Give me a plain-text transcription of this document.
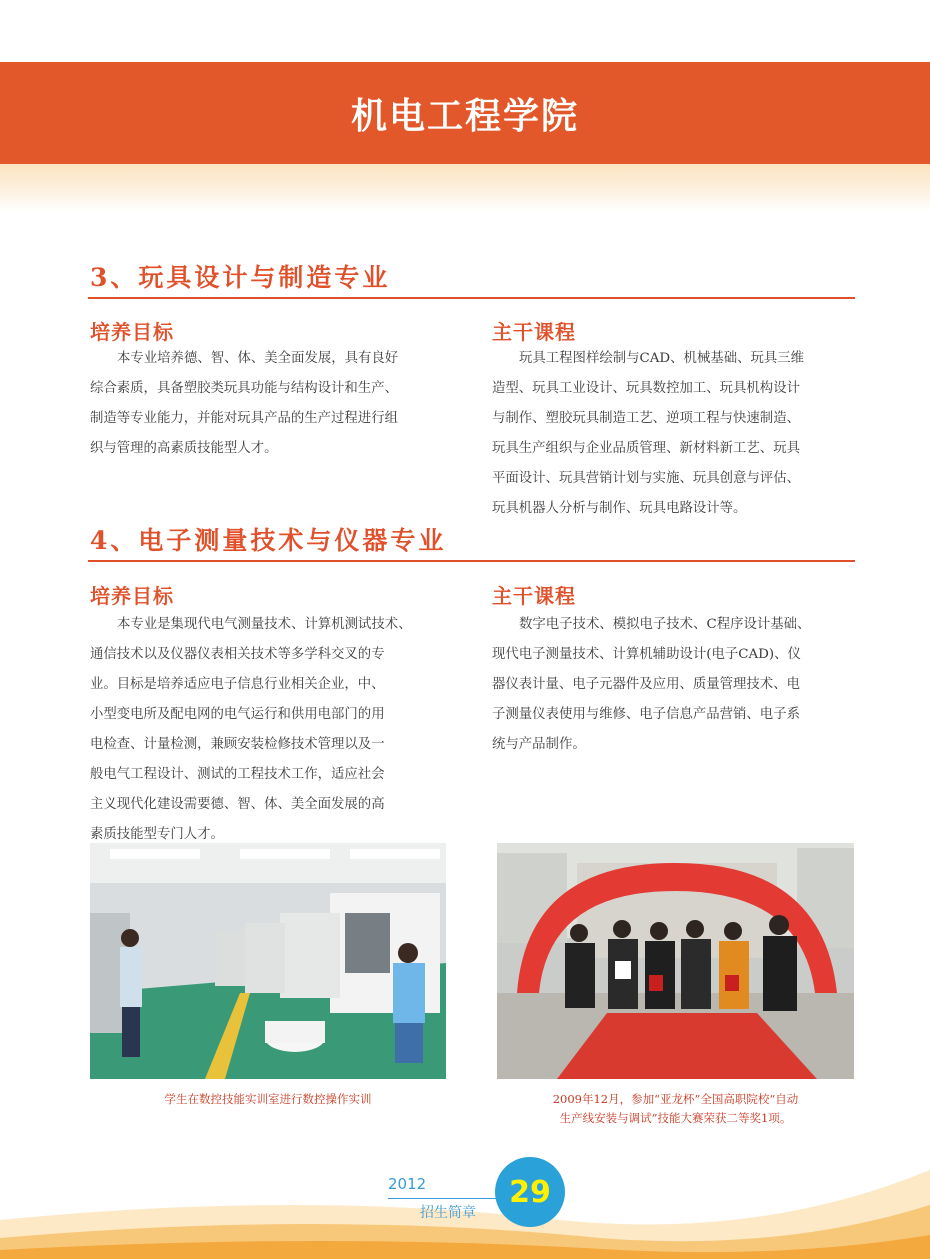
机电工程学院
3、玩具设计与制造专业
培养目标
本专业培养德、智、体、美全面发展，具有良好
综合素质，具备塑胶类玩具功能与结构设计和生产、
制造等专业能力，并能对玩具产品的生产过程进行组
织与管理的高素质技能型人才。
主干课程
玩具工程图样绘制与CAD、机械基础、玩具三维
造型、玩具工业设计、玩具数控加工、玩具机构设计
与制作、塑胶玩具制造工艺、逆项工程与快速制造、
玩具生产组织与企业品质管理、新材料新工艺、玩具
平面设计、玩具营销计划与实施、玩具创意与评估、
玩具机器人分析与制作、玩具电路设计等。
4、电子测量技术与仪器专业
培养目标
本专业是集现代电气测量技术、计算机测试技术、
通信技术以及仪器仪表相关技术等多学科交叉的专
业。目标是培养适应电子信息行业相关企业，中、
小型变电所及配电网的电气运行和供用电部门的用
电检查、计量检测，兼顾安装检修技术管理以及一
般电气工程设计、测试的工程技术工作，适应社会
主义现代化建设需要德、智、体、美全面发展的高
素质技能型专门人才。
主干课程
数字电子技术、模拟电子技术、C程序设计基础、
现代电子测量技术、计算机辅助设计(电子CAD)、仪
器仪表计量、电子元器件及应用、质量管理技术、电
子测量仪表使用与维修、电子信息产品营销、电子系
统与产品制作。
学生在数控技能实训室进行数控操作实训	2009年12月，参加“亚龙杯”全国高职院校“自动
生产线安装与调试”技能大赛荣获二等奖1项。
2012
招生简章
29
